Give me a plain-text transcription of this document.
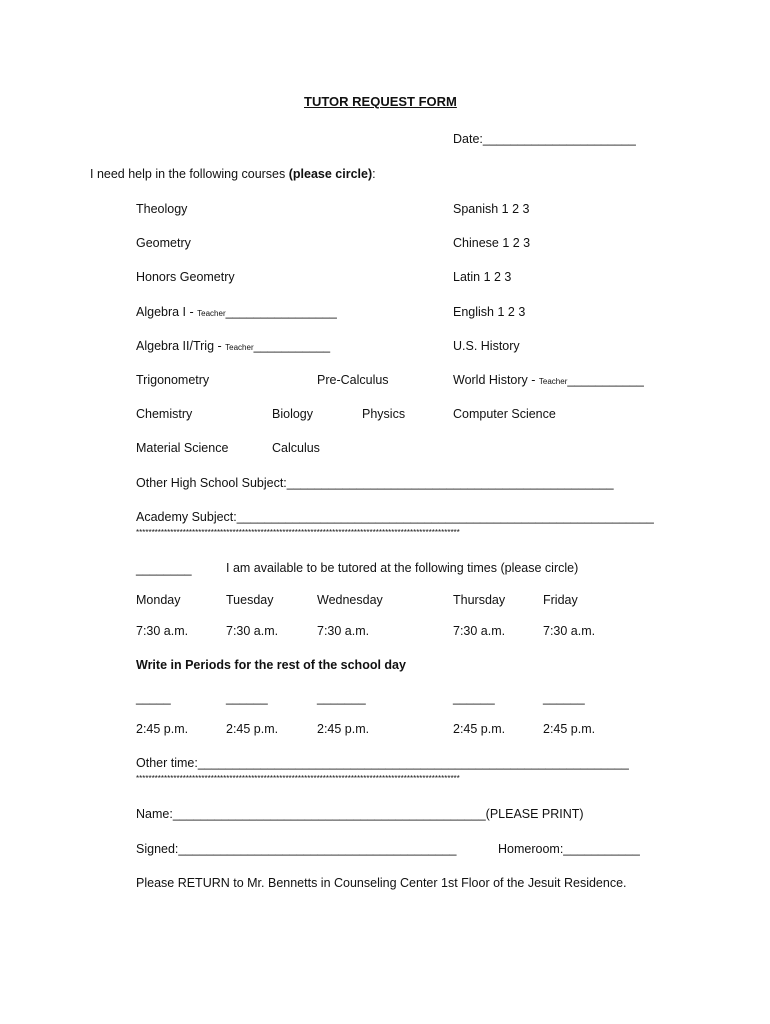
TUTOR REQUEST FORM
Date:______________________
I need help in the following courses (please circle):
Theology	Spanish 1 2 3
Geometry	Chinese 1 2 3
Honors Geometry	Latin 1 2 3
Algebra I - Teacher________________	English 1 2 3
Algebra II/Trig - Teacher___________	U.S. History
Trigonometry	Pre-Calculus	World History - Teacher___________
Chemistry	Biology	Physics	Computer Science
Material Science	Calculus
Other High School Subject:_______________________________________________
Academy Subject:____________________________________________________________
********************************************************************************************************
________	I am available to be tutored at the following times (please circle)
Monday	Tuesday	Wednesday	Thursday	Friday
7:30 a.m.	7:30 a.m.	7:30 a.m.	7:30 a.m.	7:30 a.m.
Write in Periods for the rest of the school day
_____	______	_______	______	______
2:45 p.m.	2:45 p.m.	2:45 p.m.	2:45 p.m.	2:45 p.m.
Other time:______________________________________________________________
********************************************************************************************************
Name:_____________________________________________(PLEASE PRINT)
Signed:________________________________________	Homeroom:___________
Please RETURN to Mr. Bennetts in Counseling Center 1st Floor of the Jesuit Residence.
